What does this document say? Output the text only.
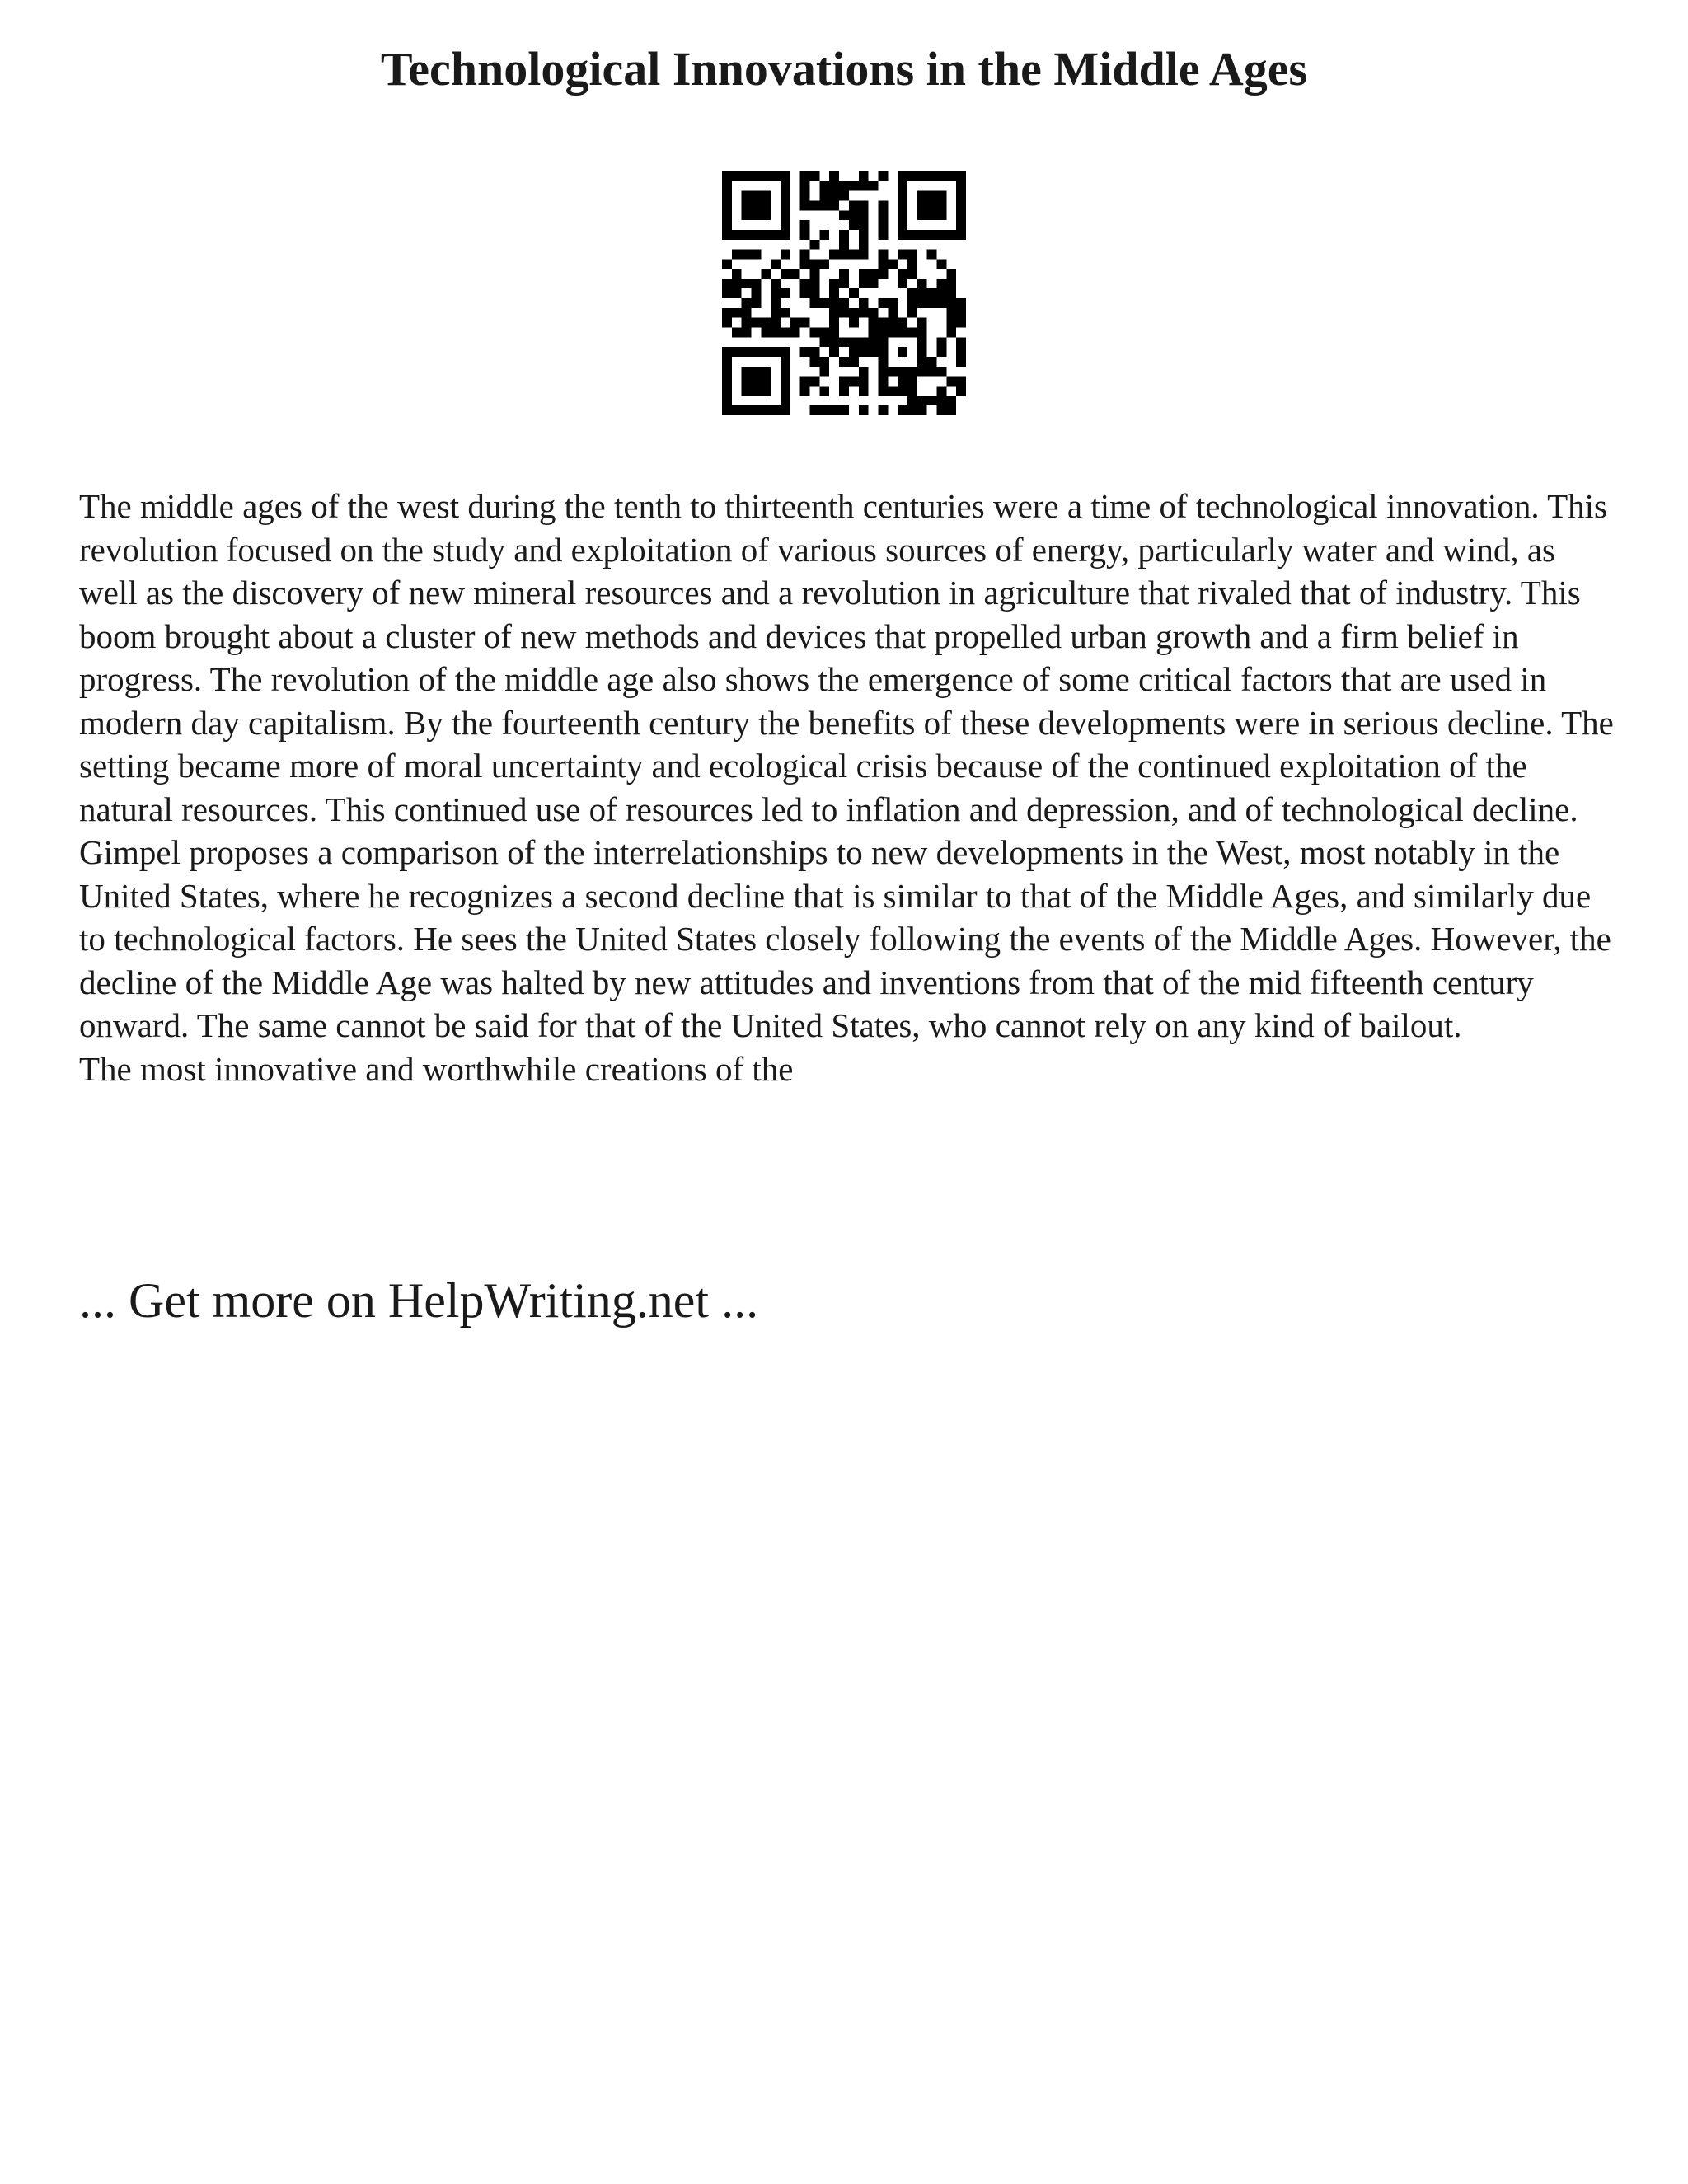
Technological Innovations in the Middle Ages

The middle ages of the west during the tenth to thirteenth centuries were a time of technological innovation. This revolution focused on the study and exploitation of various sources of energy, particularly water and wind, as well as the discovery of new mineral resources and a revolution in agriculture that rivaled that of industry. This boom brought about a cluster of new methods and devices that propelled urban growth and a firm belief in progress. The revolution of the middle age also shows the emergence of some critical factors that are used in modern day capitalism. By the fourteenth century the benefits of these developments were in serious decline. The setting became more of moral uncertainty and ecological crisis because of the continued exploitation of the natural resources. This continued use of resources led to inflation and depression, and of technological decline.

Gimpel proposes a comparison of the interrelationships to new developments in the West, most notably in the United States, where he recognizes a second decline that is similar to that of the Middle Ages, and similarly due to technological factors. He sees the United States closely following the events of the Middle Ages. However, the decline of the Middle Age was halted by new attitudes and inventions from that of the mid fifteenth century onward. The same cannot be said for that of the United States, who cannot rely on any kind of bailout.

The most innovative and worthwhile creations of the

... Get more on HelpWriting.net ...
